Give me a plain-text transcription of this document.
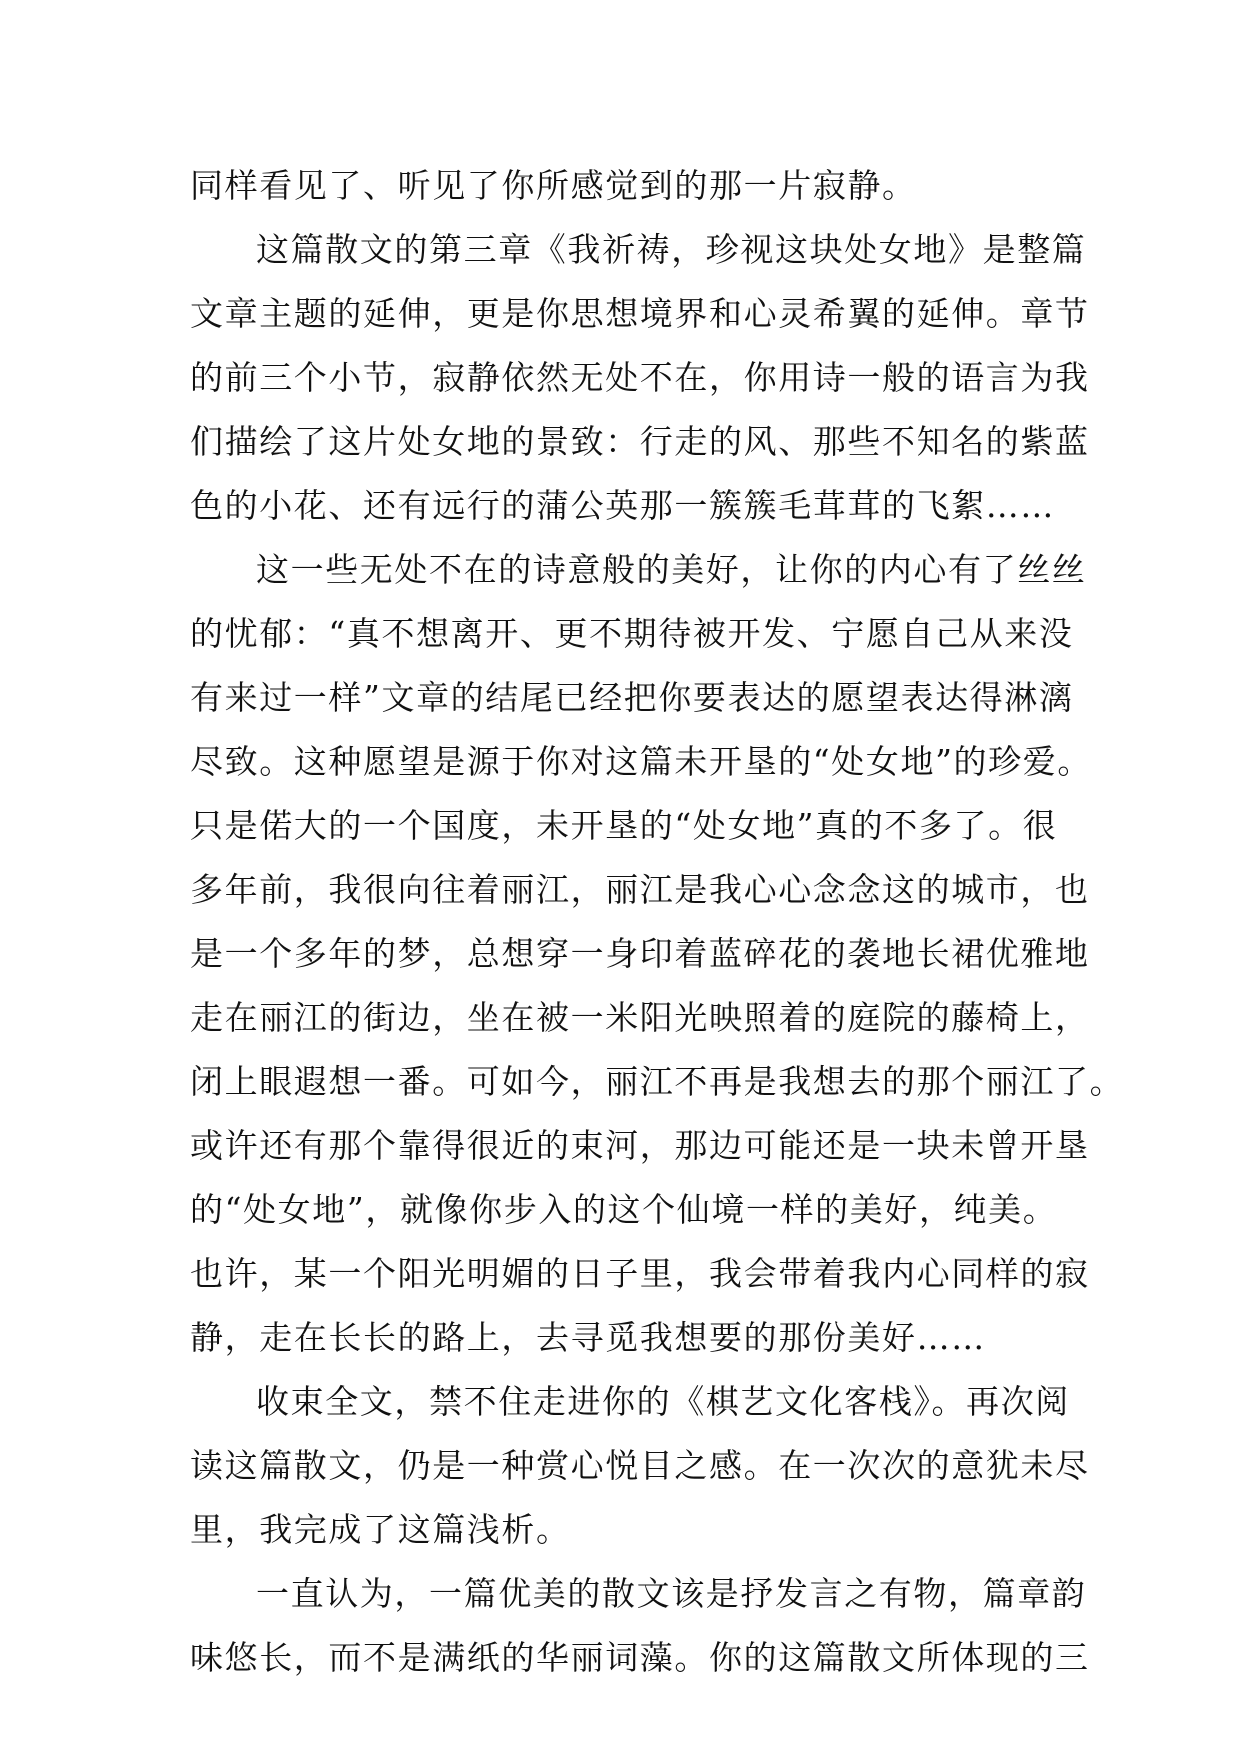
同样看见了、听见了你所感觉到的那一片寂静。
这篇散文的第三章《我祈祷，珍视这块处女地》是整篇
文章主题的延伸，更是你思想境界和心灵希翼的延伸。章节
的前三个小节，寂静依然无处不在，你用诗一般的语言为我
们描绘了这片处女地的景致：行走的风、那些不知名的紫蓝
色的小花、还有远行的蒲公英那一簇簇毛茸茸的飞絮……
这一些无处不在的诗意般的美好，让你的内心有了丝丝
的忧郁：“真不想离开、更不期待被开发、宁愿自己从来没
有来过一样”文章的结尾已经把你要表达的愿望表达得淋漓
尽致。这种愿望是源于你对这篇未开垦的“处女地”的珍爱。
只是偌大的一个国度，未开垦的“处女地”真的不多了。很
多年前，我很向往着丽江，丽江是我心心念念这的城市，也
是一个多年的梦，总想穿一身印着蓝碎花的袭地长裙优雅地
走在丽江的街边，坐在被一米阳光映照着的庭院的藤椅上，
闭上眼遐想一番。可如今，丽江不再是我想去的那个丽江了。
或许还有那个靠得很近的束河，那边可能还是一块未曾开垦
的“处女地”，就像你步入的这个仙境一样的美好，纯美。
也许，某一个阳光明媚的日子里，我会带着我内心同样的寂
静，走在长长的路上，去寻觅我想要的那份美好……
收束全文，禁不住走进你的《棋艺文化客栈》。再次阅
读这篇散文，仍是一种赏心悦目之感。在一次次的意犹未尽
里，我完成了这篇浅析。
一直认为，一篇优美的散文该是抒发言之有物，篇章韵
味悠长，而不是满纸的华丽词藻。你的这篇散文所体现的三
